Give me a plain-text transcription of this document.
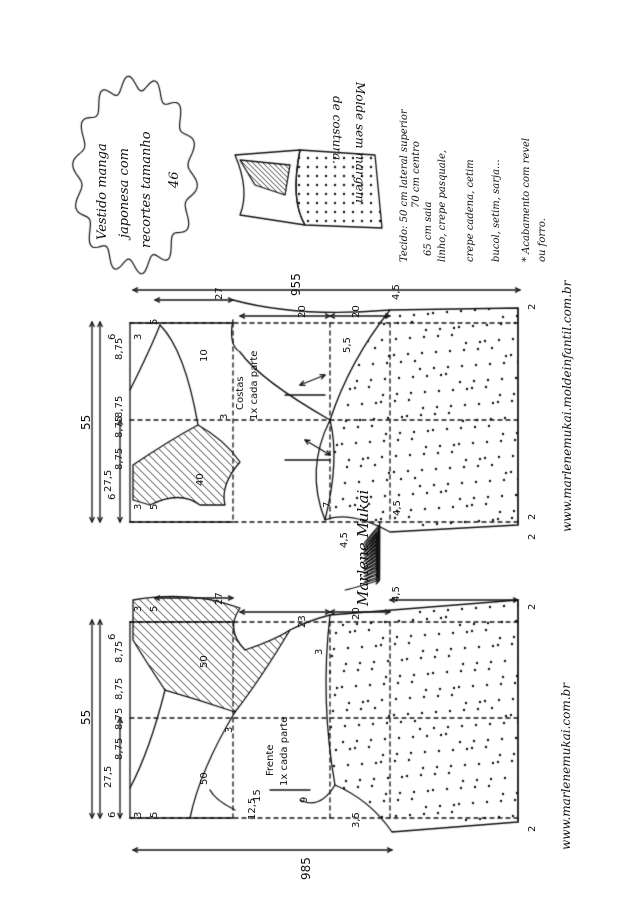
Vestido manga japonesa com recortes tamanho 46	Molde sem margem
de costura.	Tecido: 50 cm lateral superior 70 cm centro
65 cm saia linho, crepe pasquale, crepe cadena, cetim bucol, setim, sarja... * Acabamento com revel ou forro.
www.marlenemukai.moldeinfantil.com.br
www.marlenemukai.com.br
Marlene Mukai
Costas 1x cada parte
955
55
27,5
Frente 1x cada parte
985
55
27,5
27
20	20
4,5
8,75
8,75
8,75
8,75
6
6
3
3
5
5
10
40
2
2
2
4,5
4,5
5,5
7
3
27
23
20
4,5
8,75
8,75
8,75
8,75
6
6
3
3
5
5
50
50
2
2
3,5
12,5	9
15
3
3
